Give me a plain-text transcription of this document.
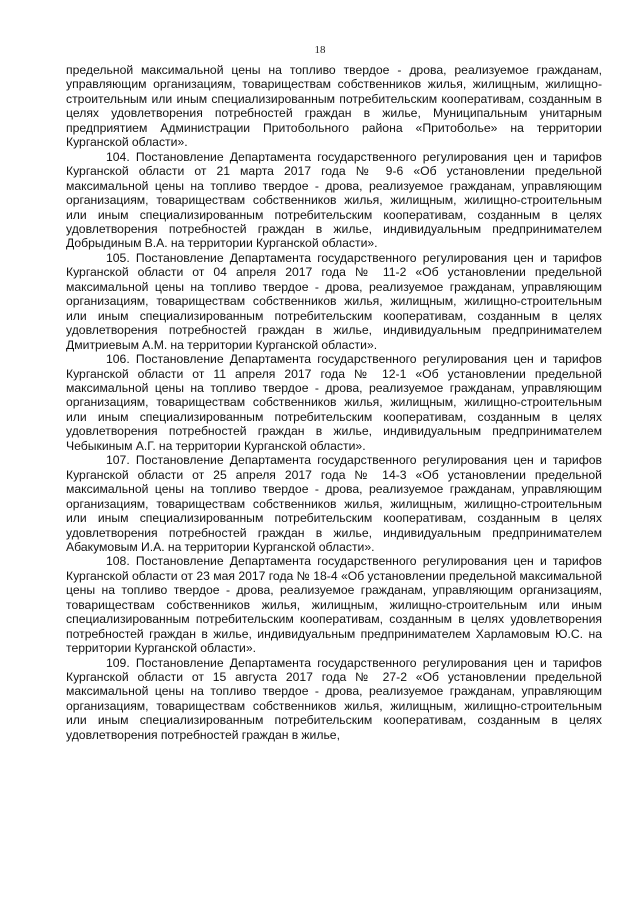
18

предельной максимальной цены на топливо твердое - дрова, реализуемое гражданам, управляющим организациям, товариществам собственников жилья, жилищным, жилищно-строительным или иным специализированным потребительским кооперативам, созданным в целях удовлетворения потребностей граждан в жилье, Муниципальным унитарным предприятием Администрации Притобольного района «Притоболье» на территории Курганской области».

104. Постановление Департамента государственного регулирования цен и тарифов Курганской области от 21 марта 2017 года № 9-6 «Об установлении предельной максимальной цены на топливо твердое - дрова, реализуемое гражданам, управляющим организациям, товариществам собственников жилья, жилищным, жилищно-строительным или иным специализированным потребительским кооперативам, созданным в целях удовлетворения потребностей граждан в жилье, индивидуальным предпринимателем Добрыдиным В.А. на территории Курганской области».

105. Постановление Департамента государственного регулирования цен и тарифов Курганской области от 04 апреля 2017 года № 11-2 «Об установлении предельной максимальной цены на топливо твердое - дрова, реализуемое гражданам, управляющим организациям, товариществам собственников жилья, жилищным, жилищно-строительным или иным специализированным потребительским кооперативам, созданным в целях удовлетворения потребностей граждан в жилье, индивидуальным предпринимателем Дмитриевым А.М. на территории Курганской области».

106. Постановление Департамента государственного регулирования цен и тарифов Курганской области от 11 апреля 2017 года № 12-1 «Об установлении предельной максимальной цены на топливо твердое - дрова, реализуемое гражданам, управляющим организациям, товариществам собственников жилья, жилищным, жилищно-строительным или иным специализированным потребительским кооперативам, созданным в целях удовлетворения потребностей граждан в жилье, индивидуальным предпринимателем Чебыкиным А.Г. на территории Курганской области».

107. Постановление Департамента государственного регулирования цен и тарифов Курганской области от 25 апреля 2017 года № 14-3 «Об установлении предельной максимальной цены на топливо твердое - дрова, реализуемое гражданам, управляющим организациям, товариществам собственников жилья, жилищным, жилищно-строительным или иным специализированным потребительским кооперативам, созданным в целях удовлетворения потребностей граждан в жилье, индивидуальным предпринимателем Абакумовым И.А. на территории Курганской области».

108. Постановление Департамента государственного регулирования цен и тарифов Курганской области от 23 мая 2017 года № 18-4 «Об установлении предельной максимальной цены на топливо твердое - дрова, реализуемое гражданам, управляющим организациям, товариществам собственников жилья, жилищным, жилищно-строительным или иным специализированным потребительским кооперативам, созданным в целях удовлетворения потребностей граждан в жилье, индивидуальным предпринимателем Харламовым Ю.С. на территории Курганской области».

109. Постановление Департамента государственного регулирования цен и тарифов Курганской области от 15 августа 2017 года № 27-2 «Об установлении предельной максимальной цены на топливо твердое - дрова, реализуемое гражданам, управляющим организациям, товариществам собственников жилья, жилищным, жилищно-строительным или иным специализированным потребительским кооперативам, созданным в целях удовлетворения потребностей граждан в жилье,
